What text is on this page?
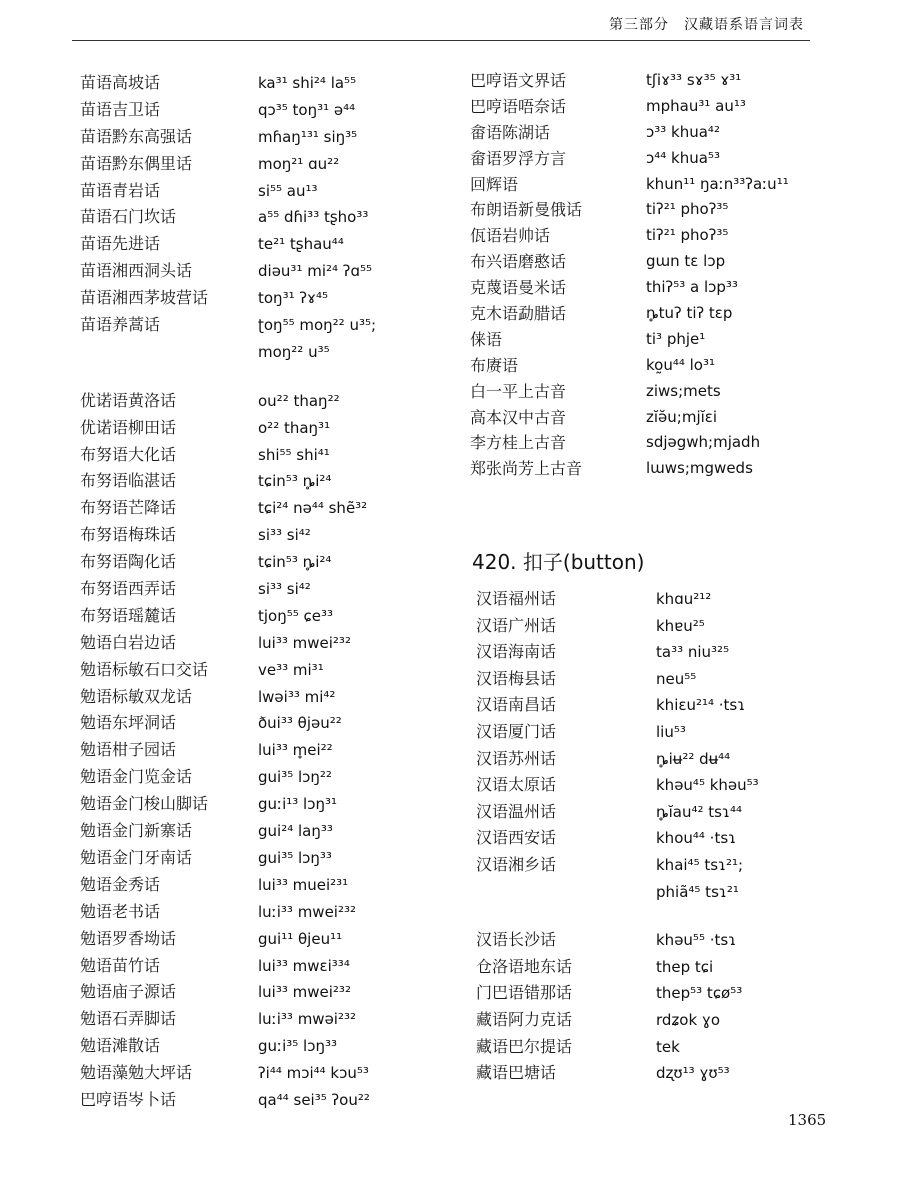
第三部分　汉藏语系语言词表
苗语高坡话	ka³¹ shi²⁴ la⁵⁵
苗语吉卫话	qɔ³⁵ toŋ³¹ ə⁴⁴
苗语黔东高强话	mɦaŋ¹³¹ siŋ³⁵
苗语黔东偶里话	moŋ²¹ ɑu²²
苗语青岩话	si⁵⁵ au¹³
苗语石门坎话	a⁵⁵ dɦi³³ tʂho³³
苗语先进话	te²¹ tʂhau⁴⁴
苗语湘西洞头话	diəu³¹ mi²⁴ ʔɑ⁵⁵
苗语湘西茅坡营话	toŋ³¹ ʔɤ⁴⁵
苗语养蒿话	ʈoŋ⁵⁵ moŋ²² u³⁵;
moŋ²² u³⁵
优诺语黄洛话	ou²² thaŋ²²
优诺语柳田话	o²² thaŋ³¹
布努语大化话	shi⁵⁵ shi⁴¹
布努语临湛话	tɕin⁵³ ȵ̥i²⁴
布努语芒降话	tɕi²⁴ nə⁴⁴ shẽ³²
布努语梅珠话	si³³ si⁴²
布努语陶化话	tɕin⁵³ ȵ̥i²⁴
布努语西弄话	si³³ si⁴²
布努语瑶麓话	tjoŋ⁵⁵ ɕe³³
勉语白岩边话	lui³³ mwei²³²
勉语标敏石口交话	ve³³ mi³¹
勉语标敏双龙话	lwəi³³ mi⁴²
勉语东坪洞话	ðui³³ θjəu²²
勉语柑子园话	lui³³ m̥ei²²
勉语金门览金话	gui³⁵ lɔŋ²²
勉语金门梭山脚话	guːi¹³ lɔŋ³¹
勉语金门新寨话	gui²⁴ laŋ³³
勉语金门牙南话	gui³⁵ lɔŋ³³
勉语金秀话	lui³³ muei²³¹
勉语老书话	luːi³³ mwei²³²
勉语罗香坳话	gui¹¹ θjeu¹¹
勉语苗竹话	lui³³ mwɛi³³⁴
勉语庙子源话	lui³³ mwei²³²
勉语石弄脚话	luːi³³ mwəi²³²
勉语滩散话	guːi³⁵ lɔŋ³³
勉语藻勉大坪话	ʔi⁴⁴ mɔi⁴⁴ kɔu⁵³
巴哼语岑卜话	qa⁴⁴ sei³⁵ ʔou²²
巴哼语文界话	tʃiɤ³³ sɤ³⁵ ɤ³¹
巴哼语唔奈话	mphau³¹ au¹³
畲语陈湖话	ɔ³³ khua⁴²
畲语罗浮方言	ɔ⁴⁴ khua⁵³
回辉语	khun¹¹ ŋaːn³³ʔaːu¹¹
布朗语新曼俄话	tiʔ²¹ phoʔ³⁵
佤语岩帅话	tiʔ²¹ phoʔ³⁵
布兴语磨憨话	gɯn tɛ lɔp
克蔑语曼米话	thiʔ⁵³ a lɔp³³
克木语勐腊话	ȵ̥tuʔ tiʔ tɛp
俫语	ti³ phje¹
布赓语	ko̰u⁴⁴ lo³¹
白一平上古音	ziws;mets
高本汉中古音	zĭə̆u;mjĭɛi
李方桂上古音	sdjəgwh;mjadh
郑张尚芳上古音	lɯws;mgweds
420. 扣子(button)
汉语福州话	khɑu²¹²
汉语广州话	khɐu²⁵
汉语海南话	ta³³ niu³²⁵
汉语梅县话	neu⁵⁵
汉语南昌话	khiɛu²¹⁴ ·tsɿ
汉语厦门话	liu⁵³
汉语苏州话	ȵ̥iʉ²² dʉ⁴⁴
汉语太原话	khəu⁴⁵ khəu⁵³
汉语温州话	ȵ̥ĭau⁴² tsɿ⁴⁴
汉语西安话	khou⁴⁴ ·tsɿ
汉语湘乡话	khai⁴⁵ tsɿ²¹;
phiã⁴⁵ tsɿ²¹
汉语长沙话	khəu⁵⁵ ·tsɿ
仓洛语地东话	thep tɕi
门巴语错那话	thep⁵³ tɕø⁵³
藏语阿力克话	rdʑok ɣo
藏语巴尔提话	tek
藏语巴塘话	dʐʊ¹³ ɣʊ⁵³
1365
